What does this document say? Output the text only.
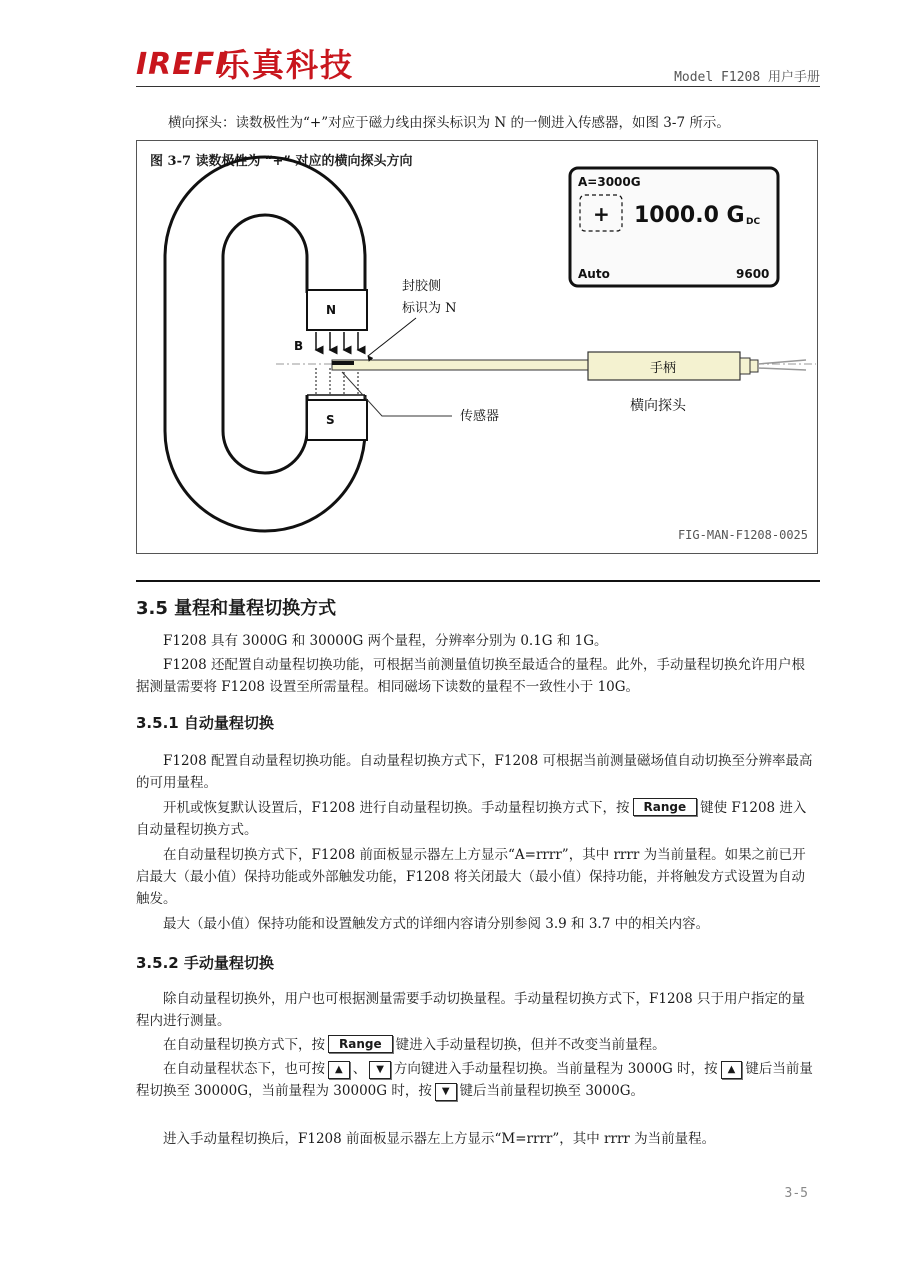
IREFI
乐真科技	Model F1208 用户手册
横向探头：读数极性为“+”对应于磁力线由探头标识为 N 的一侧进入传感器，如图 3-7 所示。
图 3-7 读数极性为 “+” 对应的横向探头方向
N
S
B
手柄
封胶侧
标识为 N
传感器
横向探头
A=3000G
+ 1000.0 G DC
Auto	9600
FIG-MAN-F1208-0025
3.5 量程和量程切换方式
F1208 具有 3000G 和 30000G 两个量程，分辨率分别为 0.1G 和 1G。
F1208 还配置自动量程切换功能，可根据当前测量值切换至最适合的量程。此外，手动量程切换允许用户根据测量需要将 F1208 设置至所需量程。相同磁场下读数的量程不一致性小于 10G。
3.5.1 自动量程切换
F1208 配置自动量程切换功能。自动量程切换方式下，F1208 可根据当前测量磁场值自动切换至分辨率最高的可用量程。
开机或恢复默认设置后，F1208 进行自动量程切换。手动量程切换方式下，按 Range 键使 F1208 进入自动量程切换方式。
在自动量程切换方式下，F1208 前面板显示器左上方显示“A=rrrr”，其中 rrrr 为当前量程。如果之前已开启最大（最小值）保持功能或外部触发功能，F1208 将关闭最大（最小值）保持功能，并将触发方式设置为自动触发。
最大（最小值）保持功能和设置触发方式的详细内容请分别参阅 3.9 和 3.7 中的相关内容。
3.5.2 手动量程切换
除自动量程切换外，用户也可根据测量需要手动切换量程。手动量程切换方式下，F1208 只于用户指定的量程内进行测量。
在自动量程切换方式下，按 Range 键进入手动量程切换，但并不改变当前量程。
在自动量程状态下，也可按 ▲ 、 ▼ 方向键进入手动量程切换。当前量程为 3000G 时，按 ▲ 键后当前量程切换至 30000G，当前量程为 30000G 时，按 ▼ 键后当前量程切换至 3000G。
进入手动量程切换后，F1208 前面板显示器左上方显示“M=rrrr”，其中 rrrr 为当前量程。
3-5
